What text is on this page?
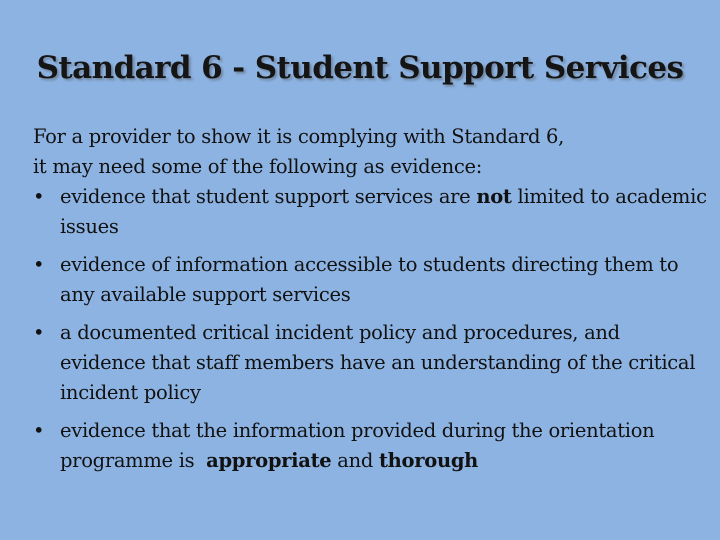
Standard 6 - Student Support Services
For a provider to show it is complying with Standard 6,
it may need some of the following as evidence:
• evidence that student support services are not limited to academic issues
• evidence of information accessible to students directing them to any available support services
• a documented critical incident policy and procedures, and evidence that staff members have an understanding of the critical incident policy
• evidence that the information provided during the orientation programme is  appropriate and thorough
